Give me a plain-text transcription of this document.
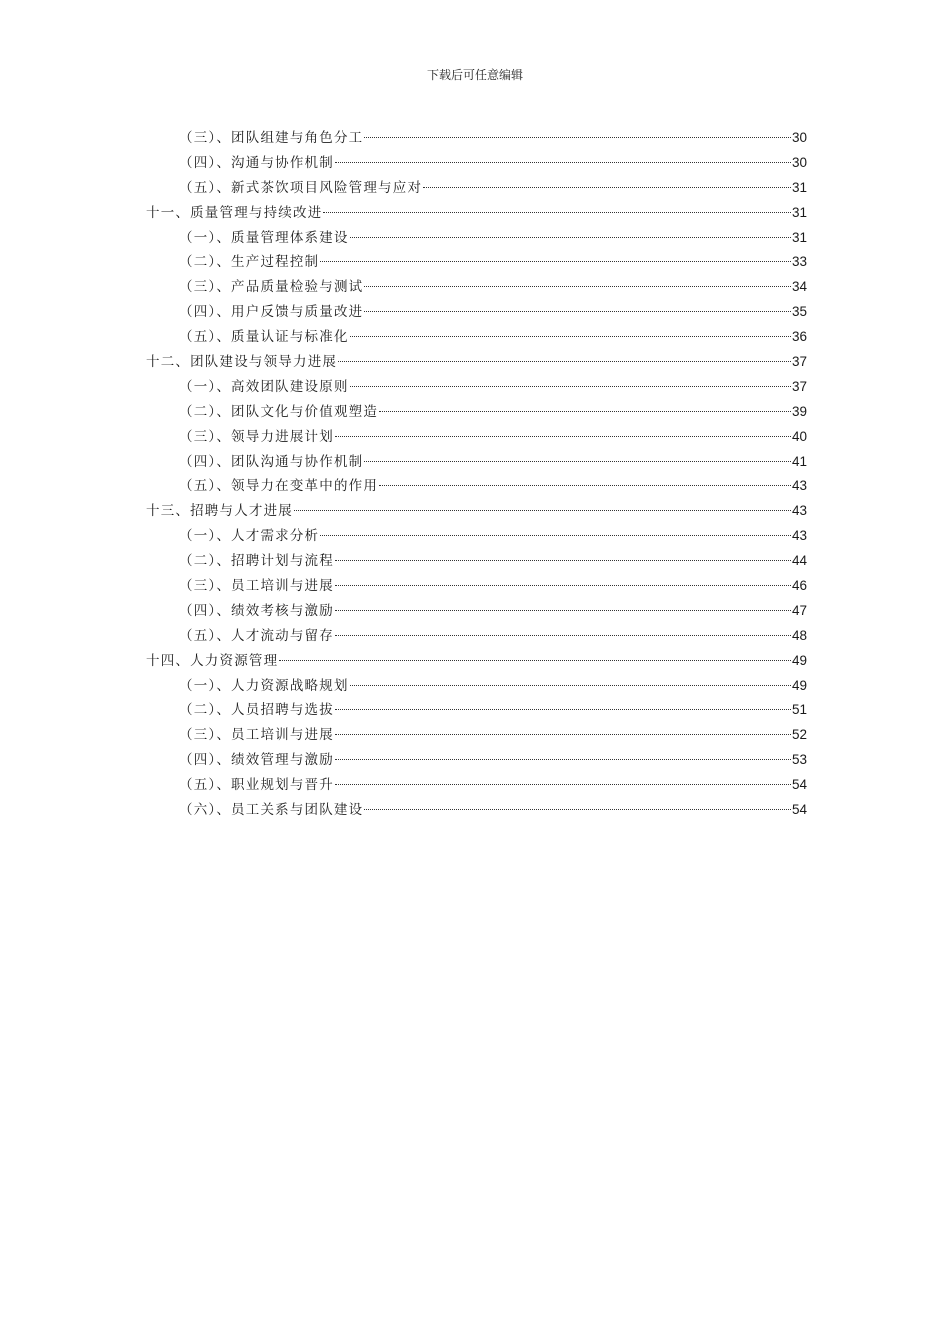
下载后可任意编辑
（三）、团队组建与角色分工	30
（四）、沟通与协作机制	30
（五）、新式茶饮项目风险管理与应对	31
十一、质量管理与持续改进	31
（一）、质量管理体系建设	31
（二）、生产过程控制	33
（三）、产品质量检验与测试	34
（四）、用户反馈与质量改进	35
（五）、质量认证与标准化	36
十二、团队建设与领导力进展	37
（一）、高效团队建设原则	37
（二）、团队文化与价值观塑造	39
（三）、领导力进展计划	40
（四）、团队沟通与协作机制	41
（五）、领导力在变革中的作用	43
十三、招聘与人才进展	43
（一）、人才需求分析	43
（二）、招聘计划与流程	44
（三）、员工培训与进展	46
（四）、绩效考核与激励	47
（五）、人才流动与留存	48
十四、人力资源管理	49
（一）、人力资源战略规划	49
（二）、人员招聘与选拔	51
（三）、员工培训与进展	52
（四）、绩效管理与激励	53
（五）、职业规划与晋升	54
（六）、员工关系与团队建设	54
